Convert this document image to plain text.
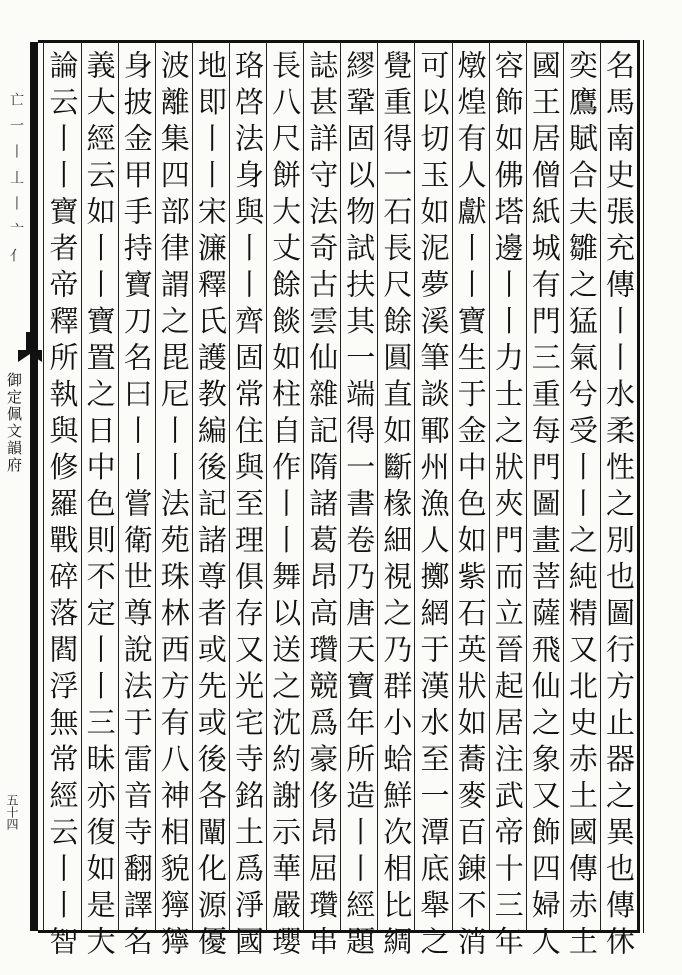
亡一丨丄丨亠亻
御定佩文韻府
五十四	名馬南史張充傳丨丨水柔性之別也圖行方止器之異也傳休
奕鷹賦合夫雛之猛氣兮受丨丨之純精又北史赤土國傳赤土
國王居僧紙城有門三重每門圖畫菩薩飛仙之象又飾四婦人
容飾如佛塔邊丨丨力士之狀夾門而立晉起居注武帝十三年
燉煌有人獻丨丨寶生于金中色如紫石英狀如蕎麥百錬不消
可以切玉如泥夢溪筆談鄆州漁人擲網于漢水至一潭底舉之
覺重得一石長尺餘圓直如斷椽細視之乃群小蛤鮮次相比綢
繆鞏固以物試扶其一端得一書卷乃唐天寶年所造丨丨經題
誌甚詳守法奇古雲仙雜記隋諸葛昂高瓚競爲豪侈昂屈瓚串
長八尺餅大丈餘餤如柱自作丨丨舞以送之沈約謝示華嚴瓔
珞啓法身與丨丨齊固常住與至理俱存又光宅寺銘土爲淨國
地即丨丨宋濂釋氏護教編後記諸尊者或先或後各闡化源優
波離集四部律謂之毘尼丨丨法苑珠林西方有八神相貌獰獰
身披金甲手持寶刀名曰丨丨嘗衛世尊說法于雷音寺翻譯名
義大經云如丨丨寶置之日中色則不定丨丨三昧亦復如是大
論云丨丨寶者帝釋所執與修羅戰碎落閻浮無常經云丨丨智
